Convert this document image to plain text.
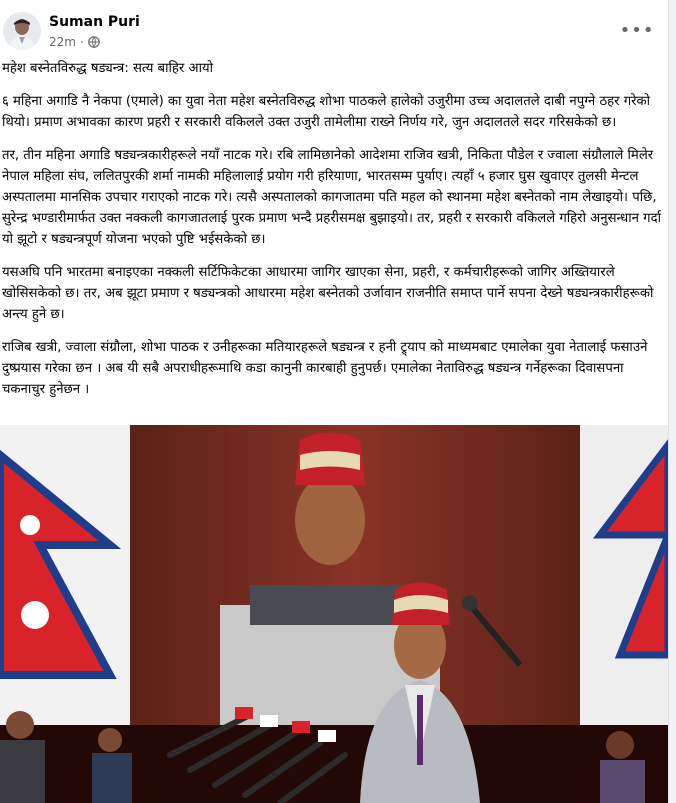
Suman Puri
22m ·
•••

महेश बस्नेतविरुद्ध षड्यन्त्र: सत्य बाहिर आयो

६ महिना अगाडि नै नेकपा (एमाले) का युवा नेता महेश बस्नेतविरुद्ध शोभा पाठकले हालेको उजुरीमा उच्च अदालतले दाबी नपुग्ने ठहर गरेको थियो। प्रमाण अभावका कारण प्रहरी र सरकारी वकिलले उक्त उजुरी तामेलीमा राख्ने निर्णय गरे, जुन अदालतले सदर गरिसकेको छ।

तर, तीन महिना अगाडि षड्यन्त्रकारीहरूले नयाँ नाटक गरे। रबि लामिछानेको आदेशमा राजिव खत्री, निकिता पौडेल र ज्वाला संग्रौलाले मिलेर नेपाल महिला संघ, ललितपुरकी शर्मा नामकी महिलालाई प्रयोग गरी हरियाणा, भारतसम्म पुर्याए। त्यहाँ ५ हजार घुस खुवाएर तुलसी मेन्टल अस्पतालमा मानसिक उपचार गराएको नाटक गरे। त्यसै अस्पतालको कागजातमा पति महल को स्थानमा महेश बस्नेतको नाम लेखाइयो। पछि, सुरेन्द्र भण्डारीमार्फत उक्त नक्कली कागजातलाई पुरक प्रमाण भन्दै प्रहरीसमक्ष बुझाइयो। तर, प्रहरी र सरकारी वकिलले गहिरो अनुसन्धान गर्दा यो झूटो र षड्यन्त्रपूर्ण योजना भएको पुष्टि भईसकेको छ।

यसअघि पनि भारतमा बनाइएका नक्कली सर्टिफिकेटका आधारमा जागिर खाएका सेना, प्रहरी, र कर्मचारीहरूको जागिर अख्तियारले खोसिसकेको छ। तर, अब झूटा प्रमाण र षड्यन्त्रको आधारमा महेश बस्नेतको उर्जावान राजनीति समाप्त पार्ने सपना देख्ने षड्यन्त्रकारीहरूको अन्त्य हुने छ।

राजिब खत्री, ज्वाला संग्रौला, शोभा पाठक र उनीहरूका मतियारहरूले षड्यन्त्र र हनी ट्र्याप को माध्यमबाट एमालेका युवा नेतालाई फसाउने दुष्प्रयास गरेका छन । अब यी सबै अपराधीहरूमाथि कडा कानुनी कारबाही हुनुपर्छ। एमालेका नेताविरुद्ध षड्यन्त्र गर्नेहरूका दिवासपना चकनाचुर हुनेछन ।
